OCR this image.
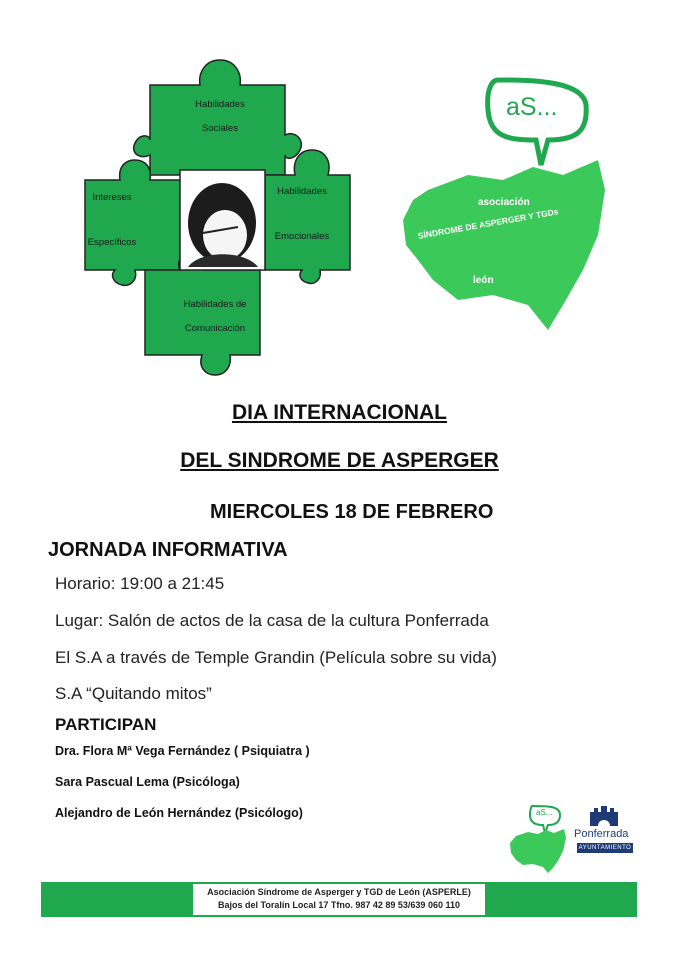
Habilidades
Sociales
Habilidades
Emocionales
Intereses
Específicos
Habilidades de
Comunicación
aS...
asociación
SÍNDROME DE ASPERGER Y TGDs
león
DIA INTERNACIONAL
DEL SINDROME DE ASPERGER
MIERCOLES 18 DE FEBRERO
JORNADA INFORMATIVA
Horario: 19:00 a 21:45
Lugar: Salón de actos de la casa de la cultura Ponferrada
El S.A a través de Temple Grandin (Película sobre su vida)
S.A “Quitando mitos”
PARTICIPAN
Dra. Flora Mª Vega Fernández ( Psiquiatra )
Sara Pascual Lema (Psicóloga)
Alejandro de León Hernández (Psicólogo)	aS...
Ponferrada
AYUNTAMIENTO
Asociación Síndrome de Asperger y TGD de León (ASPERLE)
Bajos del Toralín Local 17 Tfno. 987 42 89 53/639 060 110
